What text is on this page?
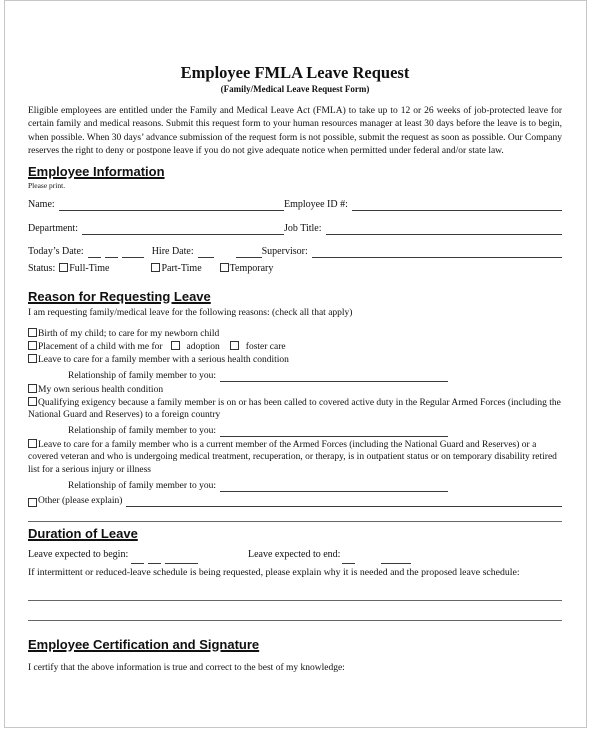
Employee FMLA Leave Request
(Family/Medical Leave Request Form)

Eligible employees are entitled under the Family and Medical Leave Act (FMLA) to take up to 12 or 26 weeks of job-protected leave for certain family and medical reasons. Submit this request form to your human resources manager at least 30 days before the leave is to begin, when possible. When 30 days’ advance submission of the request form is not possible, submit the request as soon as possible. Our Company reserves the right to deny or postpone leave if you do not give adequate notice when permitted under federal and/or state law.

Employee Information
Please print.
Name:	Employee ID #:
Department:	Job Title:
Today’s Date:	Hire Date:	Supervisor:
Status:	Full-Time	Part-Time	Temporary
Reason for Requesting Leave
I am requesting family/medical leave for the following reasons: (check all that apply)
Birth of my child; to care for my newborn child
Placement of a child with me for	adoption	foster care
Leave to care for a family member with a serious health condition
Relationship of family member to you:
My own serious health condition
Qualifying exigency because a family member is on or has been called to covered active duty in the Regular Armed Forces (including the National Guard and Reserves) to a foreign country
Relationship of family member to you:
Leave to care for a family member who is a current member of the Armed Forces (including the National Guard and Reserves) or a covered veteran and who is undergoing medical treatment, recuperation, or therapy, is in outpatient status or on temporary disability retired list for a serious injury or illness
Relationship of family member to you:
Other (please explain)
Duration of Leave
Leave expected to begin:	Leave expected to end:
If intermittent or reduced-leave schedule is being requested, please explain why it is needed and the proposed leave schedule:
Employee Certification and Signature
I certify that the above information is true and correct to the best of my knowledge:
